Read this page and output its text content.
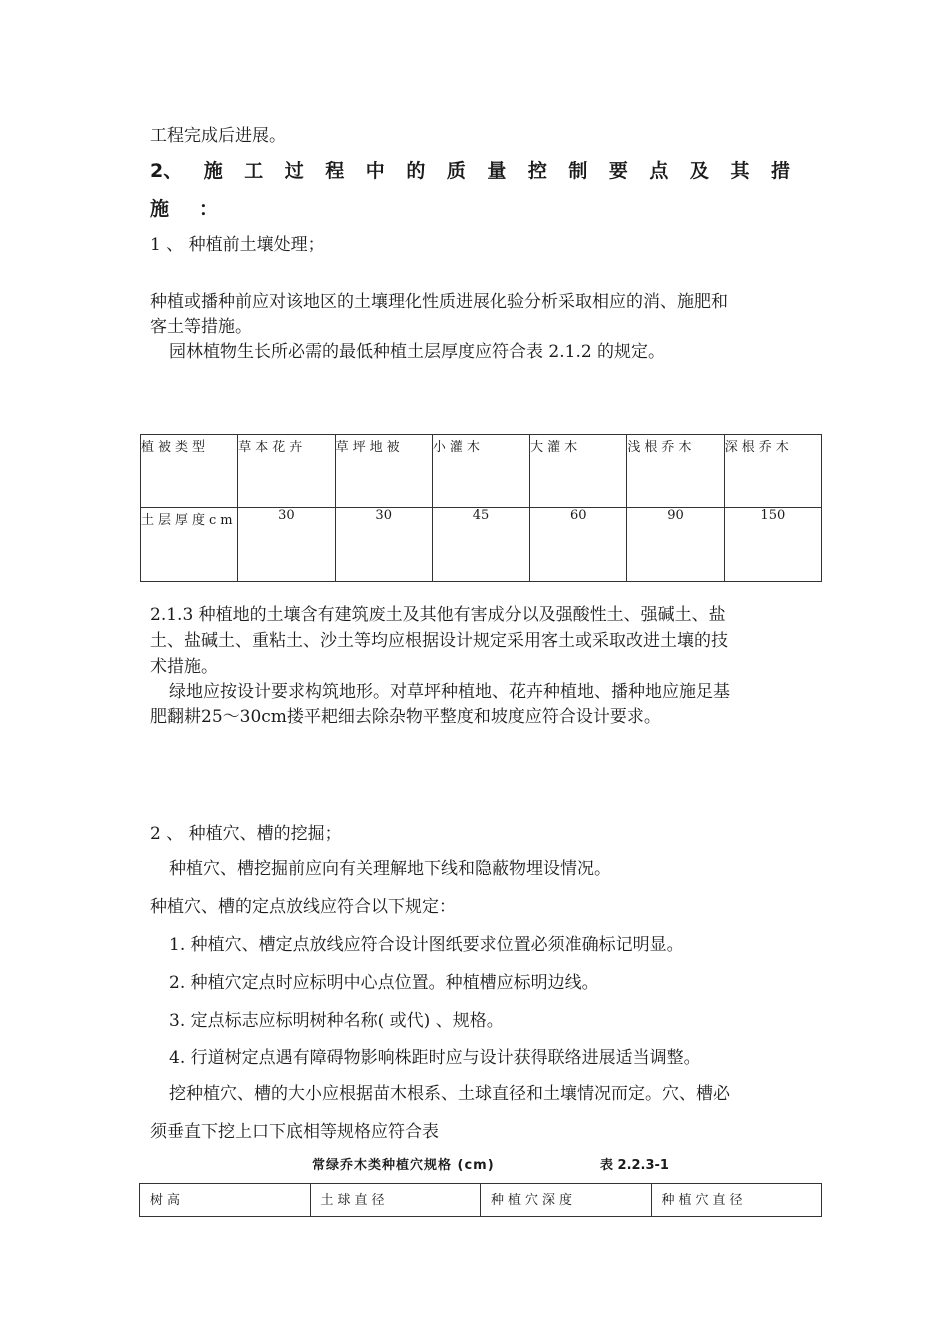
工程完成后进展。
2、 施 工 过 程 中 的 质 量 控 制 要 点 及 其 措
施 ：
1 、 种植前土壤处理；
种植或播种前应对该地区的土壤理化性质进展化验分析采取相应的消、施肥和
客土等措施。
园林植物生长所必需的最低种植土层厚度应符合表 2.1.2 的规定。
植被类型	草本花卉	草坪地被	小灌木	大灌木	浅根乔木	深根乔木
土层厚度cm	30	30	45	60	90	150
2.1.3 种植地的土壤含有建筑废土及其他有害成分以及强酸性土、强碱土、盐
土、盐碱土、重粘土、沙土等均应根据设计规定采用客土或采取改进土壤的技
术措施。
绿地应按设计要求构筑地形。对草坪种植地、花卉种植地、播种地应施足基
肥翻耕25～30cm搂平耙细去除杂物平整度和坡度应符合设计要求。
2 、 种植穴、槽的挖掘；
种植穴、槽挖掘前应向有关理解地下线和隐蔽物埋设情况。
种植穴、槽的定点放线应符合以下规定：
1. 种植穴、槽定点放线应符合设计图纸要求位置必须准确标记明显。
2. 种植穴定点时应标明中心点位置。种植槽应标明边线。
3. 定点标志应标明树种名称( 或代) 、规格。
4. 行道树定点遇有障碍物影响株距时应与设计获得联络进展适当调整。
挖种植穴、槽的大小应根据苗木根系、土球直径和土壤情况而定。穴、槽必
须垂直下挖上口下底相等规格应符合表
常绿乔木类种植穴规格 (cm)	表 2.2.3-1
树高	土球直径	种植穴深度	种植穴直径
